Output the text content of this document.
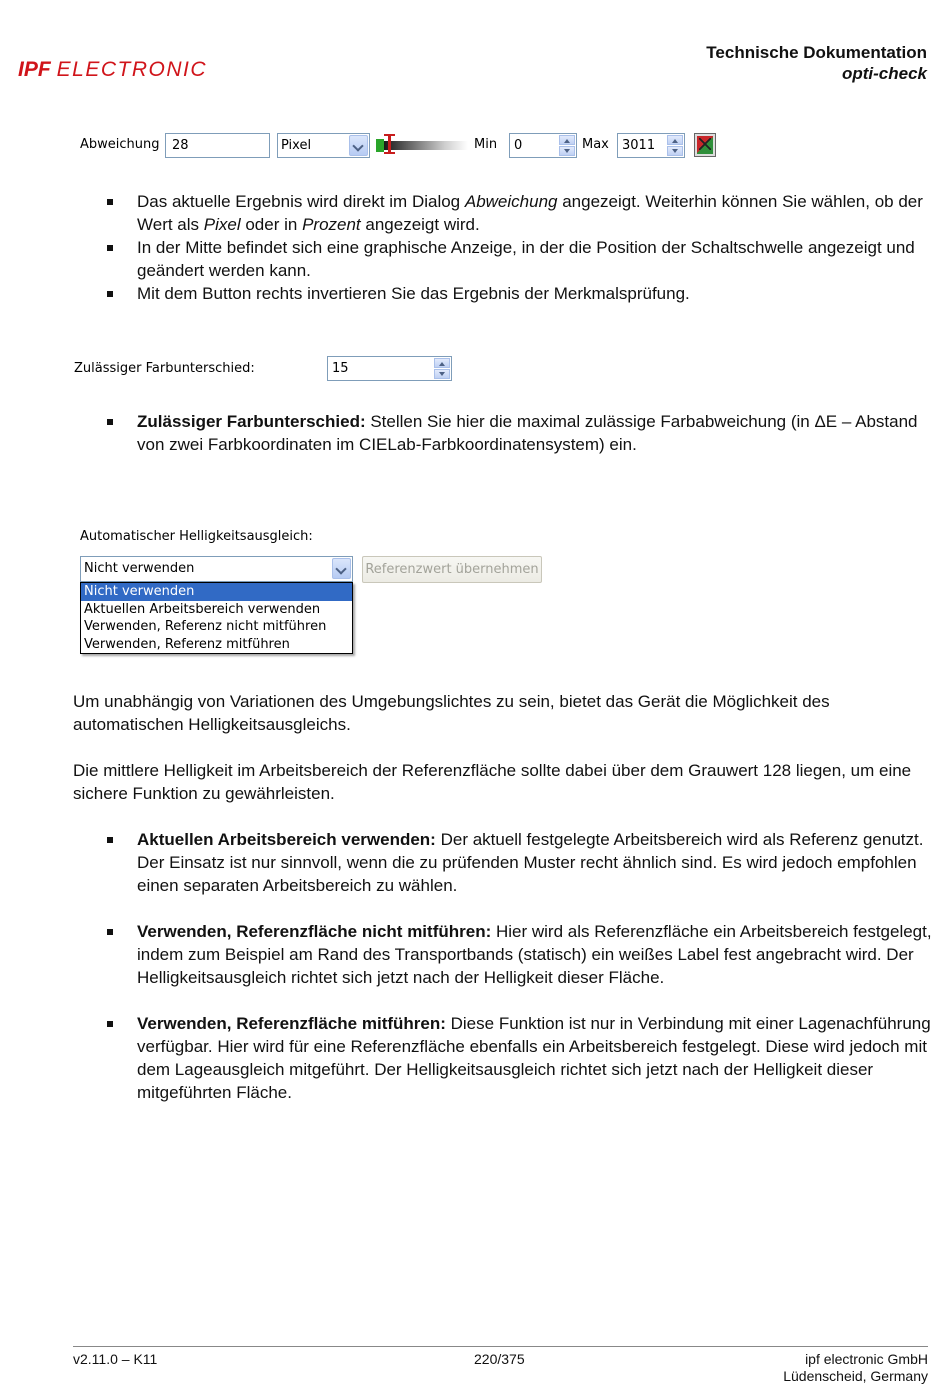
IPF ELECTRONIC
Technische Dokumentation
opti-check
Abweichung 28	Pixel	Min	0	Max	3011
Das aktuelle Ergebnis wird direkt im Dialog Abweichung angezeigt. Weiterhin können Sie wählen, ob der Wert als Pixel oder in Prozent angezeigt wird.
In der Mitte befindet sich eine graphische Anzeige, in der die Position der Schaltschwelle angezeigt und geändert werden kann.
Mit dem Button rechts invertieren Sie das Ergebnis der Merkmalsprüfung.
Zulässiger Farbunterschied:	15
Zulässiger Farbunterschied: Stellen Sie hier die maximal zulässige Farbabweichung (in ΔE – Abstand von zwei Farbkoordinaten im CIELab-Farbkoordinatensystem) ein.
Automatischer Helligkeitsausgleich:
Nicht verwenden	Referenzwert übernehmen
Nicht verwenden
Aktuellen Arbeitsbereich verwenden
Verwenden, Referenz nicht mitführen
Verwenden, Referenz mitführen
Um unabhängig von Variationen des Umgebungslichtes zu sein, bietet das Gerät die Möglichkeit des automatischen Helligkeitsausgleichs.
Die mittlere Helligkeit im Arbeitsbereich der Referenzfläche sollte dabei über dem Grauwert 128 liegen, um eine sichere Funktion zu gewährleisten.
Aktuellen Arbeitsbereich verwenden: Der aktuell festgelegte Arbeitsbereich wird als Referenz genutzt. Der Einsatz ist nur sinnvoll, wenn die zu prüfenden Muster recht ähnlich sind. Es wird jedoch empfohlen einen separaten Arbeitsbereich zu wählen.
Verwenden, Referenzfläche nicht mitführen: Hier wird als Referenzfläche ein Arbeitsbereich festgelegt, indem zum Beispiel am Rand des Transportbands (statisch) ein weißes Label fest angebracht wird. Der Helligkeitsausgleich richtet sich jetzt nach der Helligkeit dieser Fläche.
Verwenden, Referenzfläche mitführen: Diese Funktion ist nur in Verbindung mit einer Lagenachführung verfügbar. Hier wird für eine Referenzfläche ebenfalls ein Arbeitsbereich festgelegt. Diese wird jedoch mit dem Lageausgleich mitgeführt. Der Helligkeitsausgleich richtet sich jetzt nach der Helligkeit dieser mitgeführten Fläche.
v2.11.0 – K11	220/375	ipf electronic GmbH
Lüdenscheid, Germany
